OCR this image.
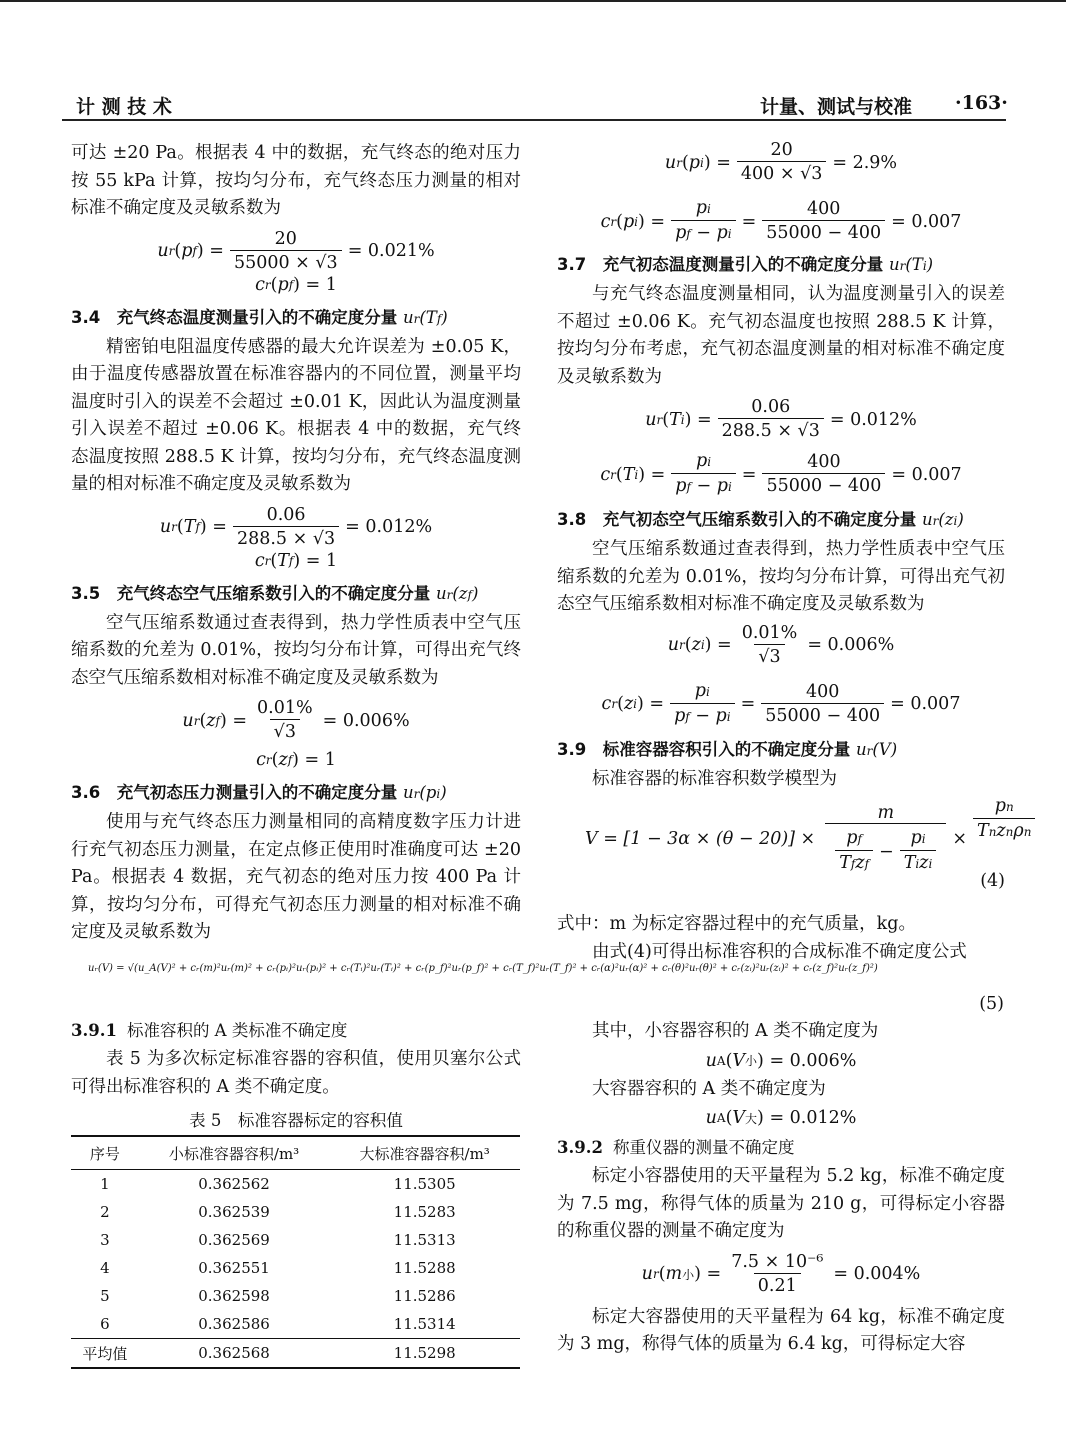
计 测 技 术	计量、测试与校准 ·163·

可达 ±20 Pa。根据表 4 中的数据，充气终态的绝对压力按 55 kPa 计算，按均匀分布，充气终态压力测量的相对标准不确定度及灵敏系数为

u r ( p f ) = $\frac{20}{55000 \times √3} = 0.021\%$
c r ( p f ) = 1
3.4　充气终态温度测量引入的不确定度分量 ur(Tf)

精密铂电阻温度传感器的最大允许误差为 ±0.05 K，由于温度传感器放置在标准容器内的不同位置，测量平均温度时引入的误差不会超过 ±0.01 K，因此认为温度测量引入误差不超过 ±0.06 K。根据表 4 中的数据，充气终态温度按照 288.5 K 计算，按均匀分布，充气终态温度测量的相对标准不确定度及灵敏系数为

u r ( T f ) = $\frac{0.06}{288.5 \times √3} = 0.012\%$
c r ( T f ) = 1
3.5　充气终态空气压缩系数引入的不确定度分量 ur(zf)

空气压缩系数通过查表得到，热力学性质表中空气压缩系数的允差为 0.01%，按均匀分布计算，可得出充气终态空气压缩系数相对标准不确定度及灵敏系数为

u r ( z f ) = $\frac{0.01\%}{√3} = 0.006\%$
c r ( z f ) = 1
3.6　充气初态压力测量引入的不确定度分量 ur(pi)

使用与充气终态压力测量相同的高精度数字压力计进行充气初态压力测量，在定点修正使用时准确度可达 ±20 Pa。根据表 4 数据，充气初态的绝对压力按 400 Pa 计算，按均匀分布，可得充气初态压力测量的相对标准不确定度及灵敏系数为

3.9.1 标准容积的 A 类标准不确定度

表 5 为多次标定标准容器的容积值，使用贝塞尔公式可得出标准容积的 A 类不确定度。

表 5　标准容器标定的容积值
序号	小标准容器容积/m³	大标准容器容积/m³
1	0.362562	11.5305
2	0.362539	11.5283
3	0.362569	11.5313
4	0.362551	11.5288
5	0.362598	11.5286
6	0.362586	11.5314
平均值	0.362568	11.5298
u r ( p i ) = $\frac{20}{400 \times √3} = 2.9\%$
c r ( p i ) = $\frac{pi}{pf - pi} = \frac{400}{55000 - 400} = 0.007$
3.7　充气初态温度测量引入的不确定度分量 ur(Ti)

与充气终态温度测量相同，认为温度测量引入的误差不超过 ±0.06 K。充气初态温度也按照 288.5 K 计算，按均匀分布考虑，充气初态温度测量的相对标准不确定度及灵敏系数为

u r ( T i ) = $\frac{0.06}{288.5 \times √3} = 0.012\%$
c r ( T i ) = $\frac{pi}{pf - pi} = \frac{400}{55000 - 400} = 0.007$
3.8　充气初态空气压缩系数引入的不确定度分量 ur(zi)

空气压缩系数通过查表得到，热力学性质表中空气压缩系数的允差为 0.01%，按均匀分布计算，可得出充气初态空气压缩系数相对标准不确定度及灵敏系数为

u r ( z i ) = $\frac{0.01\%}{√3} = 0.006\%$
c r ( z i ) = $\frac{pi}{pf - pi} = \frac{400}{55000 - 400} = 0.007$
3.9　标准容器容积引入的不确定度分量 ur(V)

标准容器的标准容积数学模型为

$V = [1 - 3\alpha \times (\theta - 20)] \times \frac{m}{\frac{pf}{\text{Tfzf}} - \frac{pi}{\text{Tizi}}} \times \frac{pn}{\text{Tnznρn}}$
(4)

式中：m 为标定容器过程中的充气质量，kg。

由式(4)可得出标准容积的合成标准不确定度公式

uᵣ(V) = √(u_A(V)² + cᵣ(m)²uᵣ(m)² + cᵣ(pᵢ)²uᵣ(pᵢ)² + cᵣ(Tᵢ)²uᵣ(Tᵢ)² + cᵣ(p_f)²uᵣ(p_f)² + cᵣ(T_f)²uᵣ(T_f)² + cᵣ(α)²uᵣ(α)² + cᵣ(θ)²uᵣ(θ)² + cᵣ(zᵢ)²uᵣ(zᵢ)² + cᵣ(z_f)²uᵣ(z_f)²)
(5)

其中，小容器容积的 A 类不确定度为

u A ( V 小 ) = 0.006%

大容器容积的 A 类不确定度为

u A ( V 大 ) = 0.012%
3.9.2 称重仪器的测量不确定度

标定小容器使用的天平量程为 5.2 kg，标准不确定度为 7.5 mg，称得气体的质量为 210 g，可得标定小容器的称重仪器的测量不确定度为

u r ( m 小 ) = $\frac{\text{7.5 × 10⁻⁶}}{0.21} = 0.004\%$

标定大容器使用的天平量程为 64 kg，标准不确定度为 3 mg，称得气体的质量为 6.4 kg，可得标定大容
